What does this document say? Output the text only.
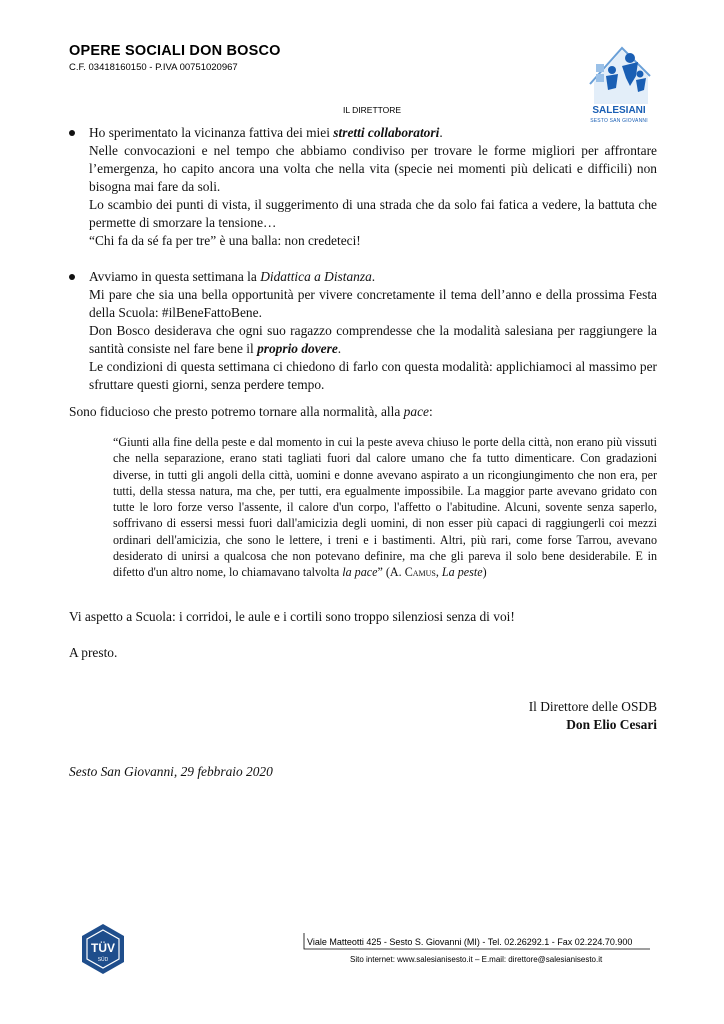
OPERE SOCIALI DON BOSCO
C.F. 03418160150 - P.IVA 00751020967
IL DIRETTORE	SALESIANI
SESTO SAN GIOVANNI

Ho sperimentato la vicinanza fattiva dei miei stretti collaboratori.

Nelle convocazioni e nel tempo che abbiamo condiviso per trovare le forme migliori per affrontare l’emergenza, ho capito ancora una volta che nella vita (specie nei momenti più delicati e difficili) non bisogna mai fare da soli.

Lo scambio dei punti di vista, il suggerimento di una strada che da solo fai fatica a vedere, la battuta che permette di smorzare la tensione…

“Chi fa da sé fa per tre” è una balla: non credeteci!

Avviamo in questa settimana la Didattica a Distanza.

Mi pare che sia una bella opportunità per vivere concretamente il tema dell’anno e della prossima Festa della Scuola: #ilBeneFattoBene.

Don Bosco desiderava che ogni suo ragazzo comprendesse che la modalità salesiana per raggiungere la santità consiste nel fare bene il proprio dovere.

Le condizioni di questa settimana ci chiedono di farlo con questa modalità: applichiamoci al massimo per sfruttare questi giorni, senza perdere tempo.

Sono fiducioso che presto potremo tornare alla normalità, alla pace:
“Giunti alla fine della peste e dal momento in cui la peste aveva chiuso le porte della città, non erano più vissuti che nella separazione, erano stati tagliati fuori dal calore umano che fa tutto dimenticare. Con gradazioni diverse, in tutti gli angoli della città, uomini e donne avevano aspirato a un ricongiungimento che non era, per tutti, della stessa natura, ma che, per tutti, era egualmente impossibile. La maggior parte avevano gridato con tutte le loro forze verso l'assente, il calore d'un corpo, l'affetto o l'abitudine. Alcuni, sovente senza saperlo, soffrivano di essersi messi fuori dall'amicizia degli uomini, di non esser più capaci di raggiungerli coi mezzi ordinari dell'amicizia, che sono le lettere, i treni e i bastimenti. Altri, più rari, come forse Tarrou, avevano desiderato di unirsi a qualcosa che non potevano definire, ma che gli pareva il solo bene desiderabile. E in difetto d'un altro nome, lo chiamavano talvolta la pace” (A. Camus, La peste)
Vi aspetto a Scuola: i corridoi, le aule e i cortili sono troppo silenziosi senza di voi!
A presto.
Il Direttore delle OSDB
Don Elio Cesari
Sesto San Giovanni, 29 febbraio 2020
TÜV
SÜD
Viale Matteotti 425 - Sesto S. Giovanni (MI) - Tel. 02.26292.1 - Fax 02.224.70.900
Sito internet: www.salesianisesto.it – E.mail: direttore@salesianisesto.it
